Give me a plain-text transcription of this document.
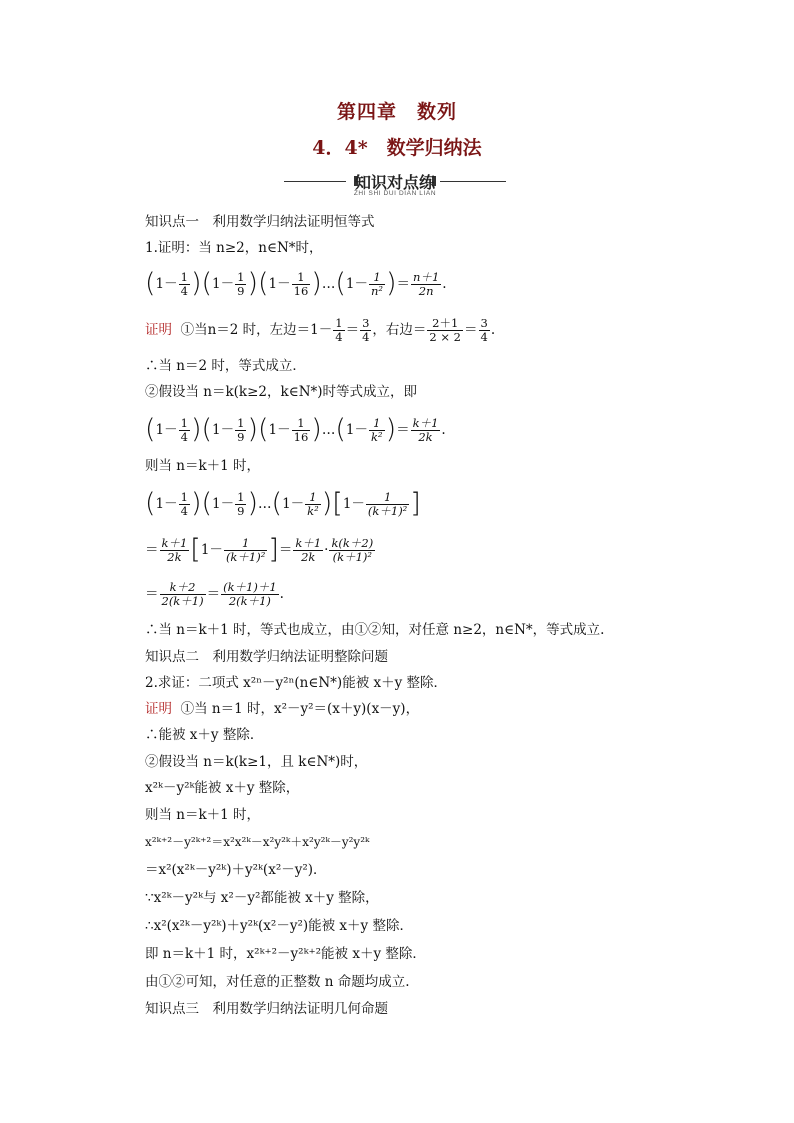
第四章　数列
4．4*　数学归纳法
知识对点练
ZHI SHI DUI DIAN LIAN
知识点一　利用数学归纳法证明恒等式
1.证明：当 n≥2，n∈N*时，
( $1- \frac{1}{4}$ )( $1- \frac{1}{9}$ )( $1- \frac{1}{16}$ ) … ( $1- \frac{1}{\text{n²}}$ ) ＝ $\frac{n+1}{2n}$ .
证明
①当n＝2 时，左边$=1- \frac{1}{4} = \frac{3}{4}$ ，右边＝ $\frac{2+1}{2 \times 2} = \frac{3}{4}$ .
∴当 n＝2 时，等式成立．
②假设当 n＝k(k≥2，k∈N*)时等式成立，即
( $1- \frac{1}{4}$ )( $1- \frac{1}{9}$ )( $1- \frac{1}{16}$ ) … ( $1- \frac{1}{\text{k²}}$ ) ＝ $\frac{k+1}{2k}$ .
则当 n＝k＋1 时，
( $1- \frac{1}{4}$ )( $1- \frac{1}{9}$ ) … ( $1- \frac{1}{\text{k²}}$ )[ $1- \frac{1}{\text{(k＋1)²}}$ ]
＝ $\frac{k+1}{2k}$ [ $1- \frac{1}{\text{(k＋1)²}}$ ] ＝ $\frac{k+1}{2k} \cdot \frac{k(k+2)}{\text{(k＋1)²}}$
＝ $\frac{k+2}{2(k+1)} = \frac{(k+1)+1}{2(k+1)}$ .
∴当 n＝k＋1 时，等式也成立，由①②知，对任意 n≥2，n∈N*，等式成立.
知识点二　利用数学归纳法证明整除问题
2.求证：二项式 x²ⁿ－y²ⁿ(n∈N*)能被 x＋y 整除．
证明 ①当 n＝1 时，x²－y²＝(x＋y)(x－y)，
∴能被 x＋y 整除．
②假设当 n＝k(k≥1，且 k∈N*)时，
x²ᵏ－y²ᵏ能被 x＋y 整除，
则当 n＝k＋1 时，
x²ᵏ⁺²－y²ᵏ⁺²＝x²x²ᵏ－x²y²ᵏ＋x²y²ᵏ－y²y²ᵏ
＝x²(x²ᵏ－y²ᵏ)＋y²ᵏ(x²－y²)．
∵x²ᵏ－y²ᵏ与 x²－y²都能被 x＋y 整除，
∴x²(x²ᵏ－y²ᵏ)＋y²ᵏ(x²－y²)能被 x＋y 整除．
即 n＝k＋1 时，x²ᵏ⁺²－y²ᵏ⁺²能被 x＋y 整除．
由①②可知，对任意的正整数 n 命题均成立.
知识点三　利用数学归纳法证明几何命题
